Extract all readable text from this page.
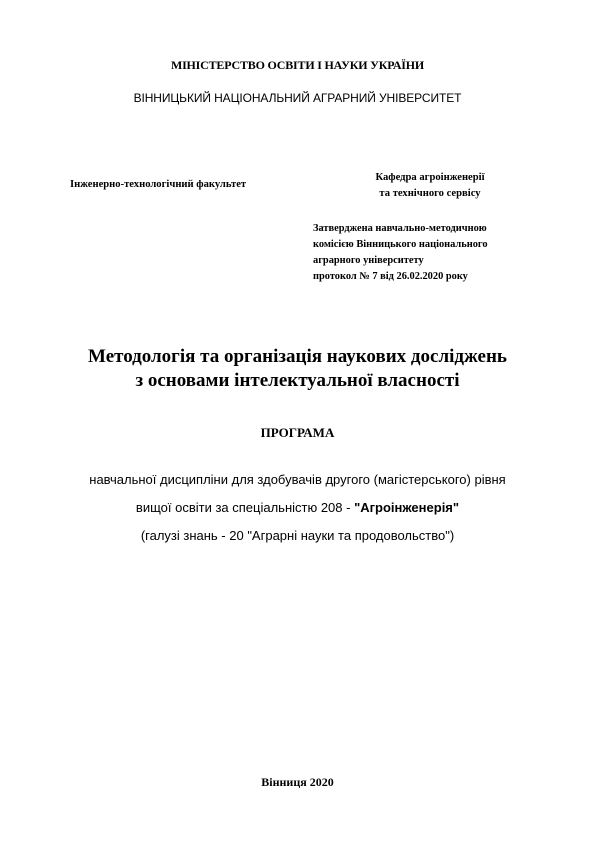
МІНІСТЕРСТВО ОСВІТИ І НАУКИ УКРАЇНИ
ВІННИЦЬКИЙ НАЦІОНАЛЬНИЙ АГРАРНИЙ УНІВЕРСИТЕТ
Інженерно-технологічний факультет
Кафедра агроінженерії
та технічного сервісу
Затверджена навчально-методичною
комісією Вінницького національного
аграрного університету
протокол № 7 від 26.02.2020 року
Методологія та організація наукових досліджень
з основами інтелектуальної власності
ПРОГРАМА
навчальної дисципліни для здобувачів другого (магістерського) рівня
вищої освіти за спеціальністю 208 - "Агроінженерія"
(галузі знань - 20 "Аграрні науки та продовольство")
Вінниця 2020
